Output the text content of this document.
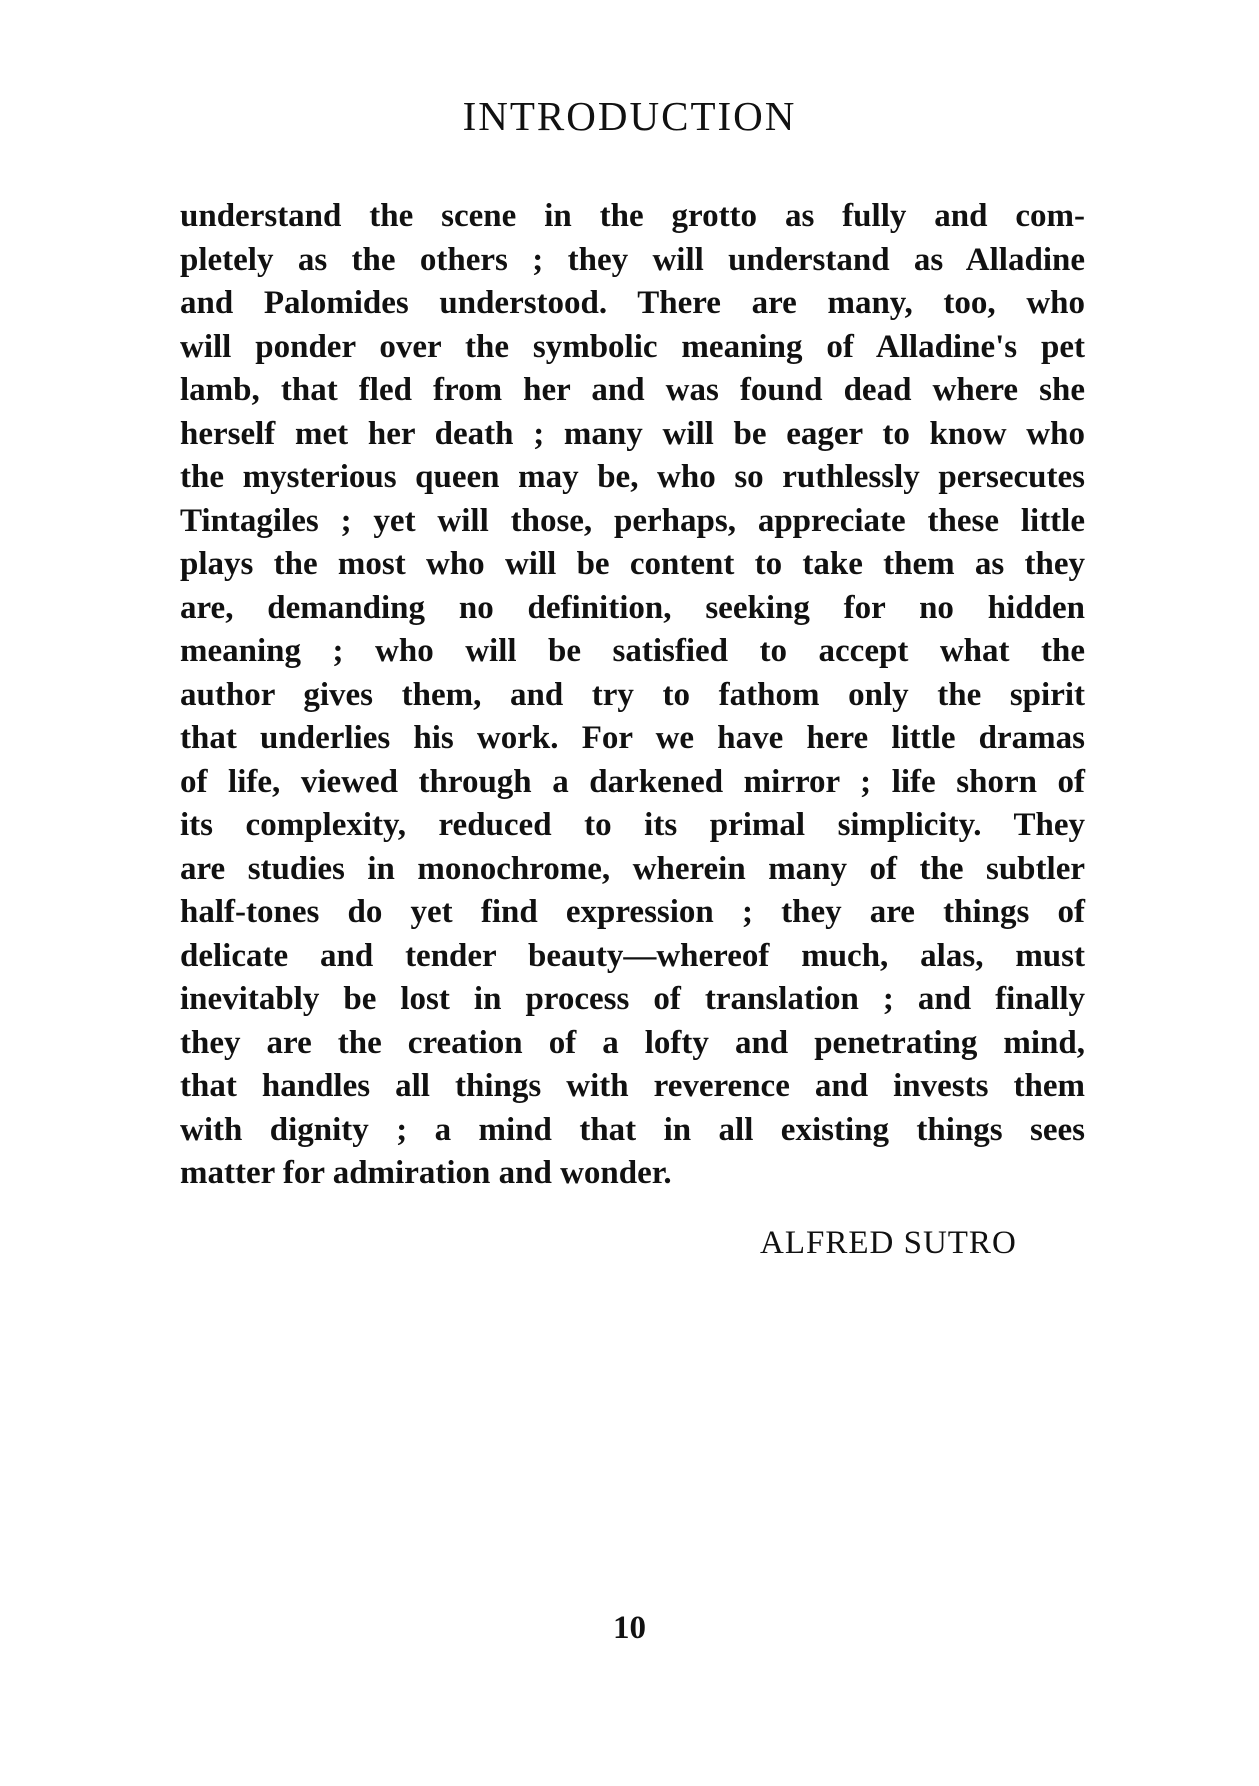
INTRODUCTION
understand the scene in the grotto as fully and com-
pletely as the others ; they will understand as Alladine
and Palomides understood. There are many, too, who
will ponder over the symbolic meaning of Alladine's pet
lamb, that fled from her and was found dead where she
herself met her death ; many will be eager to know who
the mysterious queen may be, who so ruthlessly persecutes
Tintagiles ; yet will those, perhaps, appreciate these little
plays the most who will be content to take them as they
are, demanding no definition, seeking for no hidden
meaning ; who will be satisfied to accept what the
author gives them, and try to fathom only the spirit
that underlies his work. For we have here little dramas
of life, viewed through a darkened mirror ; life shorn of
its complexity, reduced to its primal simplicity. They
are studies in monochrome, wherein many of the subtler
half-tones do yet find expression ; they are things of
delicate and tender beauty—whereof much, alas, must
inevitably be lost in process of translation ; and finally
they are the creation of a lofty and penetrating mind,
that handles all things with reverence and invests them
with dignity ; a mind that in all existing things sees
matter for admiration and wonder.
ALFRED SUTRO
10
